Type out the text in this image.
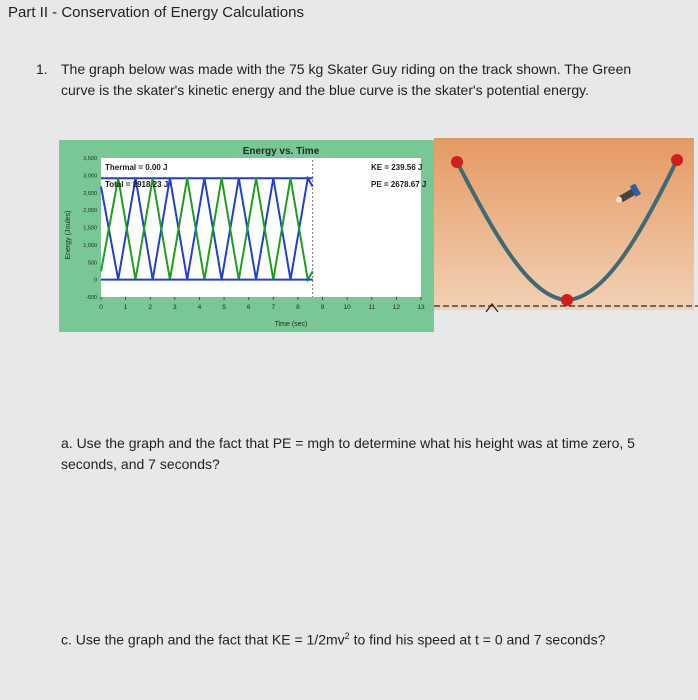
Part II - Conservation of Energy Calculations
1. The graph below was made with the 75 kg Skater Guy riding on the track shown. The Green curve is the skater's kinetic energy and the blue curve is the skater's potential energy.
Energy vs. Time
Time (sec)
Energy (Joules)
0	1	2	3	4	5	6	7	8	9	10	11	12	13
-500
0
500
1,000
1,500
2,000
2,500
3,000
3,500
Thermal = 0.00 J
Total = 2918.23 J
KE = 239.56 J
PE = 2678.67 J
a. Use the graph and the fact that PE = mgh to determine what his height was at time zero, 5 seconds, and 7 seconds?
c. Use the graph and the fact that KE = $1/2mv^2$ to find his speed at t = 0 and 7 seconds?
